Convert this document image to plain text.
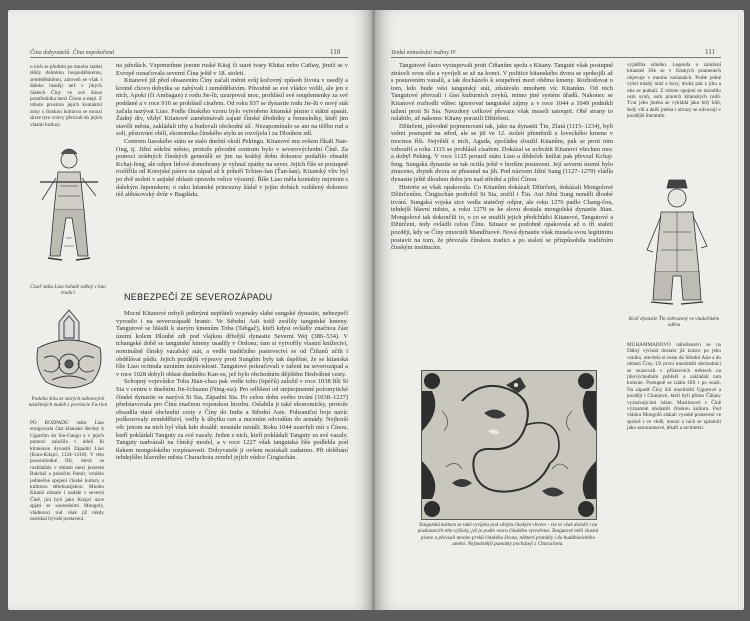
Čína dobyvatelů. Čína nepokořená	110

u nich se předtím po mnoho staletí těšily dobrému hospodářskému, zemědělskému, zároveň se však i daleko hustěji než v jiných částech Číny ve své úloze prostředníka mezi Čínou a stepí. Z tohoto prostoru jejich kontaktní zóny s čínskou kulturou se mnozí skrze tyto vrstvy převzali do jejich vlastní kultury.

Císař státu Liao bohatě oděný v liao tradici
Podoba štítu ze starých nálezových nástěnných maleb z provincie Fu-ťien

PO ROZPADU státu Liao emigrovala část kitanské šlechty k Ujgurům do Sin-ťiangu a v jejich pomoci založila v údolí Ili kitanskou dynastii Západní Liao (Kara-Kitajci, 1124–1218). V této pozoruhodné říši, která se rozkládala v oblasti mezi jezerem Balchaš a pohořím Pamír, vzniklo jedinečné spojení čínské kultury s kulturou středoasijskou. Mnoho Kitanů zůstalo i nadále v severní Číně, jiní byli jako Kitajci úzce spjati se sousedními Mongoly, vládnoucí rod však již nikdy nezískal bývalé postavení.

na jaředách. Vzpomeňme jenom ruské Kitaj či staré tvary Khitai nebo Cathay, jimiž se v Evropě označovala severní Čína ještě v 18. století.

Kitanové již před obsazením Číny začali měnit svůj kočovný způsob života v usedlý a kromě chovu dobytka se zabývali i zemědělstvím. Původně se své vládce volili, ale jen z nich, Apoki (či Ambagan) z rodu Jie-lü, uzurpoval moc, prohlásil své souplemenky za své poddané a v roce 916 se prohlásil císařem. Od roku 937 se dynastie rodu Jie-lü v nový stát začala nazývat Liao. Podle čínského vzoru bylo vytvořeno kitanské písmo i státní aparát. Žádný div, vždyť Kitanové zaměstnávali zajaté čínské úředníky a řemeslníky, kteří jim stavěli města, zakládali trhy a budovali obchodní síť. Nezapomínalo se ani na těžbu rud a soli, pěstování obilí, ekonomika čínského stylu se rozvíjela i za Dlouhou zdí.

Centrem liaoského státu se stalo dnešní okolí Pekingu. Kitanové mu ovšem říkali Nan-ťing, tj. Jižní sídelní město, protože původní centrum bylo v severovýchodní Číně. Za pomoci zrádných čínských generálů se jim na krátký dobu dokonce podařilo obsadit Kchaj-feng, ale odpor lidové domobrany je vyhnal zpátky na sever. Jejich říše se postupně rozšířila od Korejské pánve na západ až k pohoří Tchien-šan (Ťan-šan). Kitanský vliv byl po dvě století v asijské oblasti opravdu velice výrazný. Říše Liao měla kontakty nejenom s dalekým Japonskem; o ruku kitanské princezny žádal v jejím dobách vzdálený dokonce též abbásovský dvůr v Bagdádu.

NEBEZPEČÍ ZE SEVEROZÁPADU

Mocní Kitanové nebyli jedinými nepřáteli vojensky slabé sungské dynastie, nebezpečí vyrostlo i na severozápadě hranic. Ve Střední Asii totiž zesílily tangutské kmeny. Tangutové se hlásili k starým kmenům Toba (Tabgač), kteří kdysi ovládly značnou část území kolem Dlouhé zdi pod vlajkou dřívější dynastie Severní Wej (386–534). V tchangské době se tangutské kmeny usadily v Ordosu; tam si vytvořily vlastní knížectví, nominálně čínský vazalský stát, a vedle tradičního pastevectví se od Čiňanů učili i obdělávat půdu. Jejich pozdější výpravy proti Sungům byly tak úspěšné, že se kitanská říše Liao ocitnula uzráním nezávislosti. Tangutové pokračovali v tažení na severozápad a v roce 1028 dobyli oblast dnešního Kan-su, jež bylo obchodním dějištěm Hedvábné cesty.

Schopný vojevůdce Toba Jüan-chao pak vedle toho (tipéčů) založil v roce 1038 říši Si Sia v centru v dnešním Jin-čchuanu (Ning-sia). Pro odlišení od stejnojmenné polomytické čínské dynastie se nazývá Si Sia, Západní Sia. Po celou dobu svého trvání (1038–1227) představovala pro Čínu značnou vojenskou hrozbu. Oslabila ji také ekonomicky, protože obsadila staré obchodní cesty z Číny do Indie a Střední Asie. Pohraniční boje navíc poškozovaly zemědělství, vedly k úbytku cen a nucením odvodům do armády. Nejhorší věc jenom na nich byl však kdo dosáhl: neustále nestáli. Roku 1044 uzavřeli mír s Čínou, kteří pokládali Tanguty za své vazaly. Jeden z nich, kteří pokládali Tanguty za své vazaly. Tanguty nadvázali na čínský model, a v roce 1227 však tangutská říše podlehla pod tlakem mongolského rozpínavosti. Dobyvatelé ji ovšem nezískali zadarmo. Při obléhání tehdejšího hlavního města Charachota zemřel jejich vůdce Čingischán.

Tenká mimolední rodiny IV	111

Tangutové často vystupovali proti Čiňanům spolu s Kitany. Tanguté však postupně ztráceli svou sílu a vyvíjeli se až na konci. V politice kitanského dvora se spokojili až s postavením vazalů, a tak docházelo k soupeření mezi oběma kmeny. Rozhodovat o tom, kdo bude vést tangutský stát, zůstávalo mnohem víc Kitanům. Od nich Tangutové převzali i část kulturních zvyků, mimo jiné systém úřadů. Nakonec se Kitanové rozhodli vůbec ignorovat tangutské zájmy a v roce 1044 a 1049 podnikli tažení proti Si Sia. Navzdory celkové převaze však museli ustoupit. Obě strany to oslabilo, až nakonec Kitany porazili Džürčeni.

Džürčeni, původně pojmenovaní tak, jako na dynastii Ťin, Zlatá (1115–1234), byli velmi postupně na střed, ale se již ve 12. století přeměnili z loveckého kmene v mocnou říši. Největší z nich, Aguda, zpočátku sloužil Kitanům, pak se proti nim vzbouřil a roku 1115 se prohlásil císařem. Dokázal se uchvátit Kitanovi všechnu moc a dobyl Peking. V roce 1125 porazil státu Liao a dědeček knížat pak převzal Kchaj-feng. Sungská dynastie se tak ocitla ještě v horším postavení. Její severní území bylo ztraceno, zbytek dvora se přesunul na jih. Pod názvem Jižní Sung (1127–1279) vládla dynastie ještě dlouhou dobu jen nad střední a jižní Čínou.

Historie se však opakovala. Co Kitanům dokázali Džürčeni, dokázali Mongolové Džürčenům. Čingischán podrobil Si Sia, zničil i Ťin. Ani Jižní Sung neměli dlouhé trvání. Sungská vojska sice vedla statečný odpor, ale roku 1276 padlo Chang-čou, tehdejší hlavní město, a roku 1279 se ke slovu dostala mongolská dynastie Jüan. Mongolové tak dokončili to, o co se snažili jejich předchůdci Kitanové, Tangutové a Džürčeni, tedy ovládli celou Čínu. Situace se podobně opakovala až o tři staletí později, kdy se Číny zmocnili Mandžuové. Nová dynastie však musela svou legitimitu postavit na tom, že převzala čínskou tradici a po staletí se přizpůsobila tradičním čínským institucím.

vyjádřila silného. Legenda o založení kitanské říše se v čínských pramenech objevuje v mnoha variantách. Podle jedné vyšel mladý muž z hory, druhá pak z jihu a oba se potkali. Z tohoto spojení se narodilo osm synů, osm praotců kitanských rodů. Tvar jeho jména se vykládá jako bílý kůň, šedý vůl a další jména i obrazy se odvozují v pozdější literatuře.

Kráľ dynastie Ťin zobrazený ve vladařském oděvu

MUHAMMADOVO náboženství se na Dálný východ dostalo již krátce po jeho vzniku, otevřelo si cestu do Střední Asie a do oblastí Číny. Už první muslimští obchodníci se usazovali v přístavních městech na jihovýchodním pobřeží a zakládali tam kolonie. Postupně se islám šířil i po souši. Na západě Číny žili muslimští Ujgurové a později i Chuejové, kteří byli přímo Číňany vyznávajícími islám. Muslimové v Číně významně obohatili čínskou kulturu. Pod vládou Mongolů získali vysoké postavení ve správě i ve vědě, mnozí z nich se uplatnili jako astronomové, lékaři a architekti.

Tangutská kultura se také vyvíjela pod silným čínským vlivem – lze to však doložit i na pozůstatcích této výšivky, jež je podle vzoru čínského vytvořena. Tangutové měli vlastní písmo a převzali mnoho prvků čínského života, některé pronikly i do buddhistického umění. Nejznámější památky pocházejí z Charachota.
